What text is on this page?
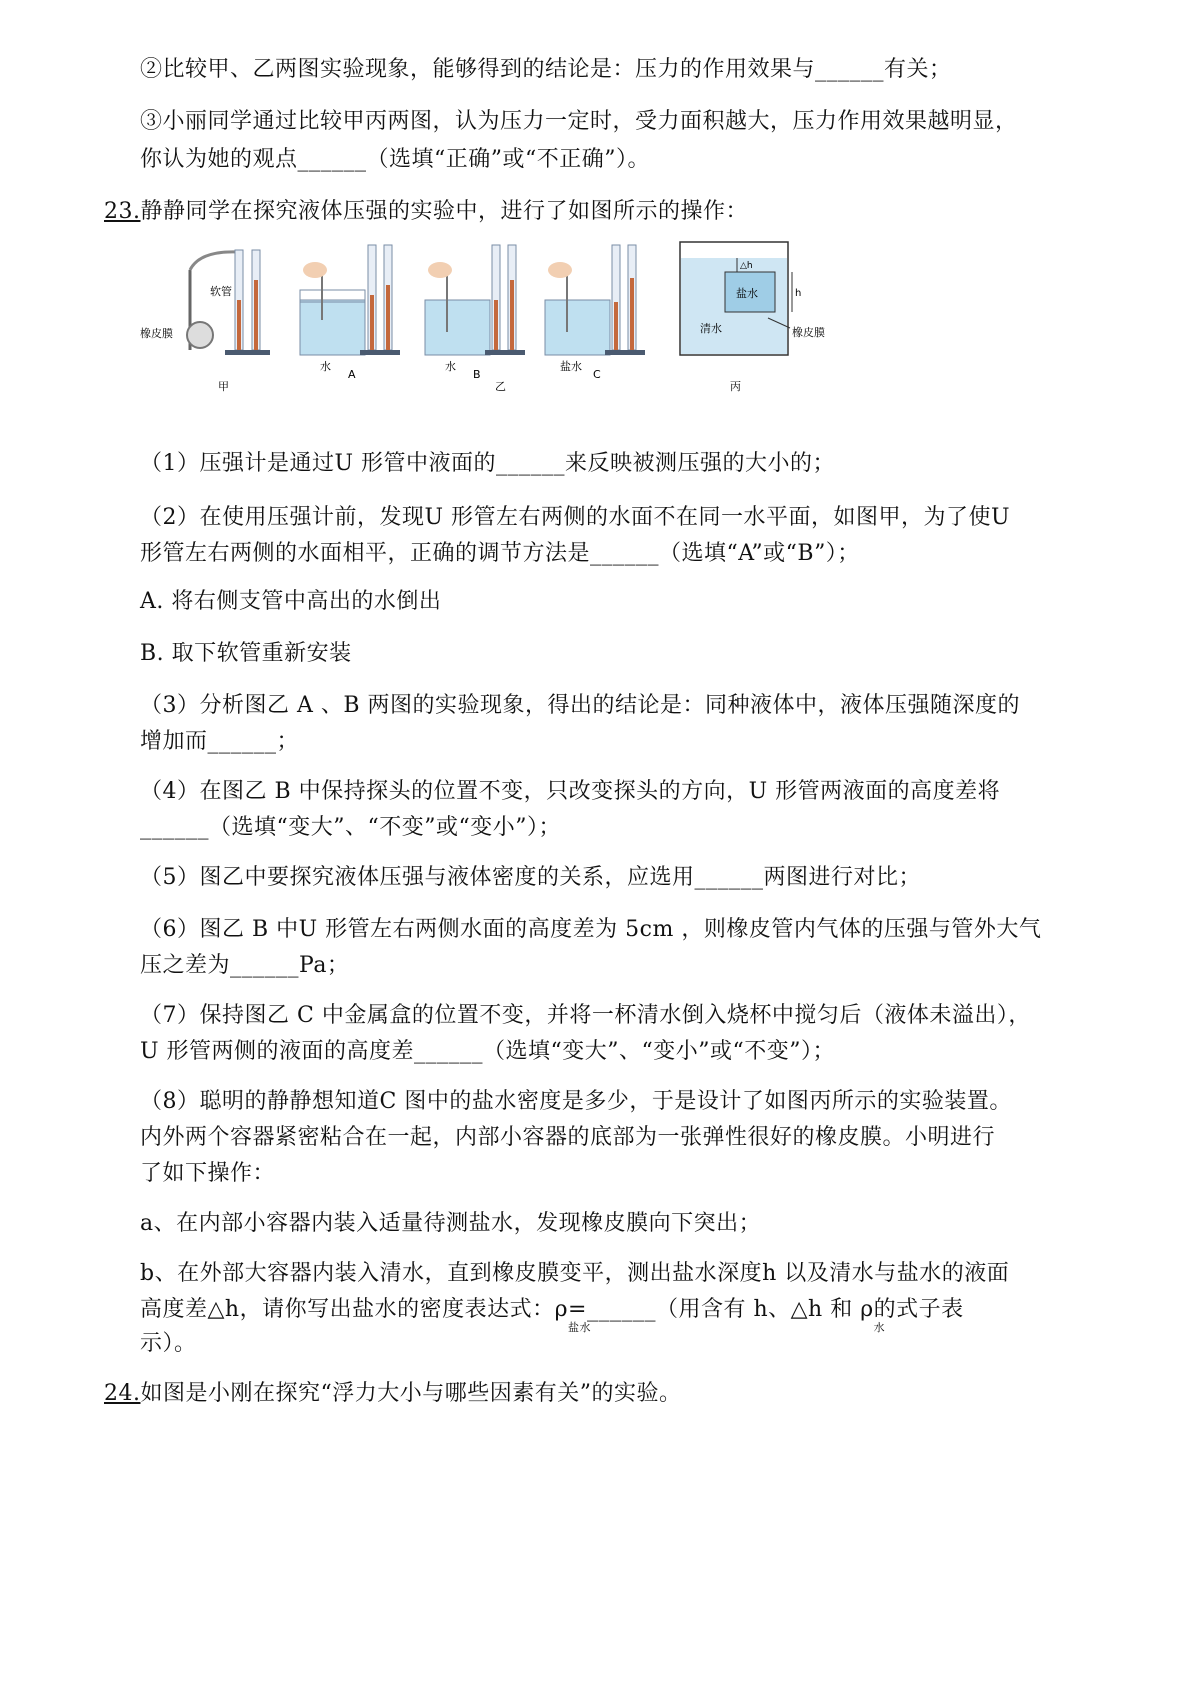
②比较甲、乙两图实验现象，能够得到的结论是：压力的作用效果与______有关；
③小丽同学通过比较甲丙两图，认为压力一定时，受力面积越大，压力作用效果越明显，
你认为她的观点______（选填“正确”或“不正确”）。
23.静静同学在探究液体压强的实验中，进行了如图所示的操作：
橡皮膜
软管
甲
水
A
水
B
乙
盐水
C
△h
h
盐水
清水	橡皮膜
丙
（1）压强计是通过U 形管中液面的______来反映被测压强的大小的；
（2）在使用压强计前，发现U 形管左右两侧的水面不在同一水平面，如图甲，为了使U
形管左右两侧的水面相平，正确的调节方法是______（选填“A”或“B”）；
A. 将右侧支管中高出的水倒出
B. 取下软管重新安装
（3）分析图乙 A 、B 两图的实验现象，得出的结论是：同种液体中，液体压强随深度的
增加而______；
（4）在图乙 B 中保持探头的位置不变，只改变探头的方向，U 形管两液面的高度差将
______（选填“变大”、“不变”或“变小”）；
（5）图乙中要探究液体压强与液体密度的关系，应选用______两图进行对比；
（6）图乙 B 中U 形管左右两侧水面的高度差为 5cm ，则橡皮管内气体的压强与管外大气
压之差为______Pa；
（7）保持图乙 C 中金属盒的位置不变，并将一杯清水倒入烧杯中搅匀后（液体未溢出），
U 形管两侧的液面的高度差______（选填“变大”、“变小”或“不变”）；
（8）聪明的静静想知道C 图中的盐水密度是多少，于是设计了如图丙所示的实验装置。
内外两个容器紧密粘合在一起，内部小容器的底部为一张弹性很好的橡皮膜。小明进行
了如下操作：
a、在内部小容器内装入适量待测盐水，发现橡皮膜向下突出；
b、在外部大容器内装入清水，直到橡皮膜变平，测出盐水深度h 以及清水与盐水的液面
高度差△h，请你写出盐水的密度表达式：ρ
盐水
=______（用含有 h、△h 和 ρ
水
的式子表
示）。
24.如图是小刚在探究“浮力大小与哪些因素有关”的实验。
